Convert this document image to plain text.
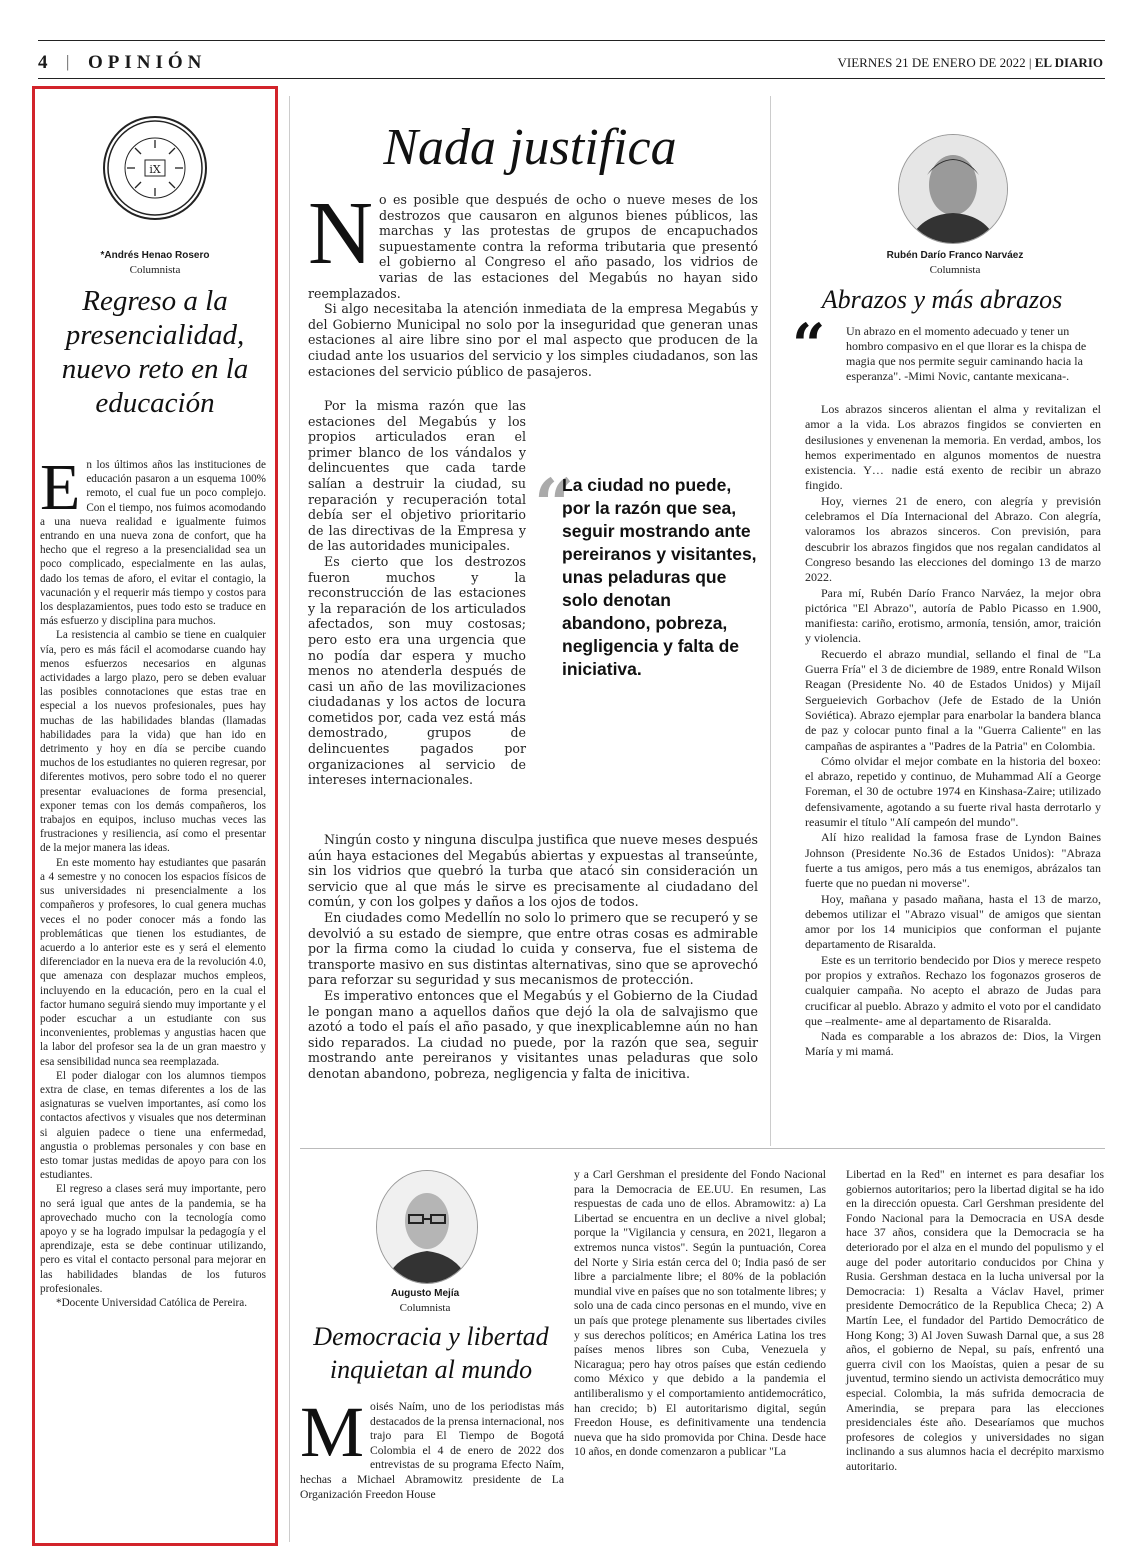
4 | OPINIÓN	VIERNES 21 DE ENERO DE 2022 | EL DIARIO
iX
*Andrés Henao Rosero
Columnista
Regreso a la presencialidad, nuevo reto en la educación
E n los últimos años las instituciones de educación pasaron a un esquema 100% remoto, el cual fue un poco complejo. Con el tiempo, nos fuimos acomodando a una nueva realidad e igualmente fuimos entrando en una nueva zona de confort, que ha hecho que el regreso a la presencialidad sea un poco complicado, especialmente en las aulas, dado los temas de aforo, el evitar el contagio, la vacunación y el requerir más tiempo y costos para los desplazamientos, pues todo esto se traduce en más esfuerzo y disciplina para muchos.

La resistencia al cambio se tiene en cualquier vía, pero es más fácil el acomodarse cuando hay menos esfuerzos necesarios en algunas actividades a largo plazo, pero se deben evaluar las posibles connotaciones que estas trae en especial a los nuevos profesionales, pues hay muchas de las habilidades blandas (llamadas habilidades para la vida) que han ido en detrimento y hoy en día se percibe cuando muchos de los estudiantes no quieren regresar, por diferentes motivos, pero sobre todo el no querer presentar evaluaciones de forma presencial, exponer temas con los demás compañeros, los trabajos en equipos, incluso muchas veces las frustraciones y resiliencia, así como el presentar de la mejor manera las ideas.

En este momento hay estudiantes que pasarán a 4 semestre y no conocen los espacios físicos de sus universidades ni presencialmente a los compañeros y profesores, lo cual genera muchas veces el no poder conocer más a fondo las problemáticas que tienen los estudiantes, de acuerdo a lo anterior este es y será el elemento diferenciador en la nueva era de la revolución 4.0, que amenaza con desplazar muchos empleos, incluyendo en la educación, pero en la cual el factor humano seguirá siendo muy importante y el poder escuchar a un estudiante con sus inconvenientes, problemas y angustias hacen que la labor del profesor sea la de un gran maestro y esa sensibilidad nunca sea reemplazada.

El poder dialogar con los alumnos tiempos extra de clase, en temas diferentes a los de las asignaturas se vuelven importantes, así como los contactos afectivos y visuales que nos determinan si alguien padece o tiene una enfermedad, angustia o problemas personales y con base en esto tomar justas medidas de apoyo para con los estudiantes.

El regreso a clases será muy importante, pero no será igual que antes de la pandemia, se ha aprovechado mucho con la tecnología como apoyo y se ha logrado impulsar la pedagogía y el aprendizaje, esta se debe continuar utilizando, pero es vital el contacto personal para mejorar en las habilidades blandas de los futuros profesionales.

*Docente Universidad Católica de Pereira.

Nada justifica
N o es posible que después de ocho o nueve meses de los destrozos que causaron en algunos bienes públicos, las marchas y las protestas de grupos de encapuchados supuestamente contra la reforma tributaria que presentó el gobierno al Congreso el año pasado, los vidrios de varias de las estaciones del Megabús no hayan sido reemplazados.

Si algo necesitaba la atención inmediata de la empresa Megabús y del Gobierno Municipal no solo por la inseguridad que generan unas estaciones al aire libre sino por el mal aspecto que producen de la ciudad ante los usuarios del servicio y los simples ciudadanos, son las estaciones del servicio público de pasajeros.

Por la misma razón que las estaciones del Megabús y los propios articulados eran el primer blanco de los vándalos y delincuentes que cada tarde salían a destruir la ciudad, su reparación y recuperación total debía ser el objetivo prioritario de las directivas de la Empresa y de las autoridades municipales.

Es cierto que los destrozos fueron muchos y la reconstrucción de las estaciones y la reparación de los articulados afectados, son muy costosas; pero esto era una urgencia que no podía dar espera y mucho menos no atenderla después de casi un año de las movilizaciones ciudadanas y los actos de locura cometidos por, cada vez está más demostrado, grupos de delincuentes pagados por organizaciones al servicio de intereses internacionales.

“
La ciudad no puede, por la razón que sea, seguir mostrando ante pereiranos y visitantes, unas peladuras que solo denotan abandono, pobreza, negligencia y falta de iniciativa.

Ningún costo y ninguna disculpa justifica que nueve meses después aún haya estaciones del Megabús abiertas y expuestas al transeúnte, sin los vidrios que quebró la turba que atacó sin consideración un servicio que al que más le sirve es precisamente al ciudadano del común, y con los golpes y daños a los ojos de todos.

En ciudades como Medellín no solo lo primero que se recuperó y se devolvió a su estado de siempre, que entre otras cosas es admirable por la firma como la ciudad lo cuida y conserva, fue el sistema de transporte masivo en sus distintas alternativas, sino que se aprovechó para reforzar su seguridad y sus mecanismos de protección.

Es imperativo entonces que el Megabús y el Gobierno de la Ciudad le pongan mano a aquellos daños que dejó la ola de salvajismo que azotó a todo el país el año pasado, y que inexplicablemne aún no han sido reparados. La ciudad no puede, por la razón que sea, seguir mostrando ante pereiranos y visitantes unas peladuras que solo denotan abandono, pobreza, negligencia y falta de inicitiva.

Rubén Darío Franco Narváez
Columnista
Abrazos y más abrazos
“ Un abrazo en el momento adecuado y tener un hombro compasivo en el que llorar es la chispa de magia que nos permite seguir caminando hacia la esperanza". -Mimi Novic, cantante mexicana-.

Los abrazos sinceros alientan el alma y revitalizan el amor a la vida. Los abrazos fingidos se convierten en desilusiones y envenenan la memoria. En verdad, ambos, los hemos experimentado en algunos momentos de nuestra existencia. Y… nadie está exento de recibir un abrazo fingido.

Hoy, viernes 21 de enero, con alegría y previsión celebramos el Día Internacional del Abrazo. Con alegría, valoramos los abrazos sinceros. Con previsión, para descubrir los abrazos fingidos que nos regalan candidatos al Congreso besando las elecciones del domingo 13 de marzo 2022.

Para mí, Rubén Darío Franco Narváez, la mejor obra pictórica "El Abrazo", autoría de Pablo Picasso en 1.900, manifiesta: cariño, erotismo, armonía, tensión, amor, traición y violencia.

Recuerdo el abrazo mundial, sellando el final de "La Guerra Fría" el 3 de diciembre de 1989, entre Ronald Wilson Reagan (Presidente No. 40 de Estados Unidos) y Mijaíl Sergueievich Gorbachov (Jefe de Estado de la Unión Soviética). Abrazo ejemplar para enarbolar la bandera blanca de paz y colocar punto final a la "Guerra Caliente" en las campañas de aspirantes a "Padres de la Patria" en Colombia.

Cómo olvidar el mejor combate en la historia del boxeo: el abrazo, repetido y continuo, de Muhammad Alí a George Foreman, el 30 de octubre 1974 en Kinshasa-Zaire; utilizado defensivamente, agotando a su fuerte rival hasta derrotarlo y reasumir el título "Alí campeón del mundo".

Alí hizo realidad la famosa frase de Lyndon Baines Johnson (Presidente No.36 de Estados Unidos): "Abraza fuerte a tus amigos, pero más a tus enemigos, abrázalos tan fuerte que no puedan ni moverse".

Hoy, mañana y pasado mañana, hasta el 13 de marzo, debemos utilizar el "Abrazo visual" de amigos que sientan amor por los 14 municipios que conforman el pujante departamento de Risaralda.

Este es un territorio bendecido por Dios y merece respeto por propios y extraños. Rechazo los fogonazos groseros de cualquier campaña. No acepto el abrazo de Judas para crucificar al pueblo. Abrazo y admito el voto por el candidato que –realmente- ame al departamento de Risaralda.

Nada es comparable a los abrazos de: Dios, la Virgen María y mi mamá.

Augusto Mejía
Columnista
Democracia y libertad inquietan al mundo
M oisés Naím, uno de los periodistas más destacados de la prensa internacional, nos trajo para El Tiempo de Bogotá Colombia el 4 de enero de 2022 dos entrevistas de su programa Efecto Naím, hechas a Michael Abramowitz presidente de La Organización Freedon House

y a Carl Gershman el presidente del Fondo Nacional para la Democracia de EE.UU. En resumen, Las respuestas de cada uno de ellos. Abramowitz: a) La Libertad se encuentra en un declive a nivel global; porque la "Vigilancia y censura, en 2021, llegaron a extremos nunca vistos". Según la puntuación, Corea del Norte y Siria están cerca del 0; India pasó de ser libre a parcialmente libre; el 80% de la población mundial vive en países que no son totalmente libres; y solo una de cada cinco personas en el mundo, vive en un país que protege plenamente sus libertades civiles y sus derechos políticos; en América Latina los tres países menos libres son Cuba, Venezuela y Nicaragua; pero hay otros países que están cediendo como México y que debido a la pandemia el antiliberalismo y el comportamiento antidemocrático, han crecido; b) El autoritarismo digital, según Freedon House, es definitivamente una tendencia nueva que ha sido promovida por China. Desde hace 10 años, en donde comenzaron a publicar "La

Libertad en la Red" en internet es para desafiar los gobiernos autoritarios; pero la libertad digital se ha ido en la dirección opuesta. Carl Gershman presidente del Fondo Nacional para la Democracia en USA desde hace 37 años, considera que la Democracia se ha deteriorado por el alza en el mundo del populismo y el auge del poder autoritario conducidos por China y Rusia. Gershman destaca en la lucha universal por la Democracia: 1) Resalta a Václav Havel, primer presidente Democrático de la Republica Checa; 2) A Martín Lee, el fundador del Partido Democrático de Hong Kong; 3) Al Joven Suwash Darnal que, a sus 28 años, el gobierno de Nepal, su país, enfrentó una guerra civil con los Maoístas, quien a pesar de su juventud, termino siendo un activista democrático muy especial. Colombia, la más sufrida democracia de Amerindia, se prepara para las elecciones presidenciales éste año. Desearíamos que muchos profesores de colegios y universidades no sigan inclinando a sus alumnos hacia el decrépito marxismo autoritario.
